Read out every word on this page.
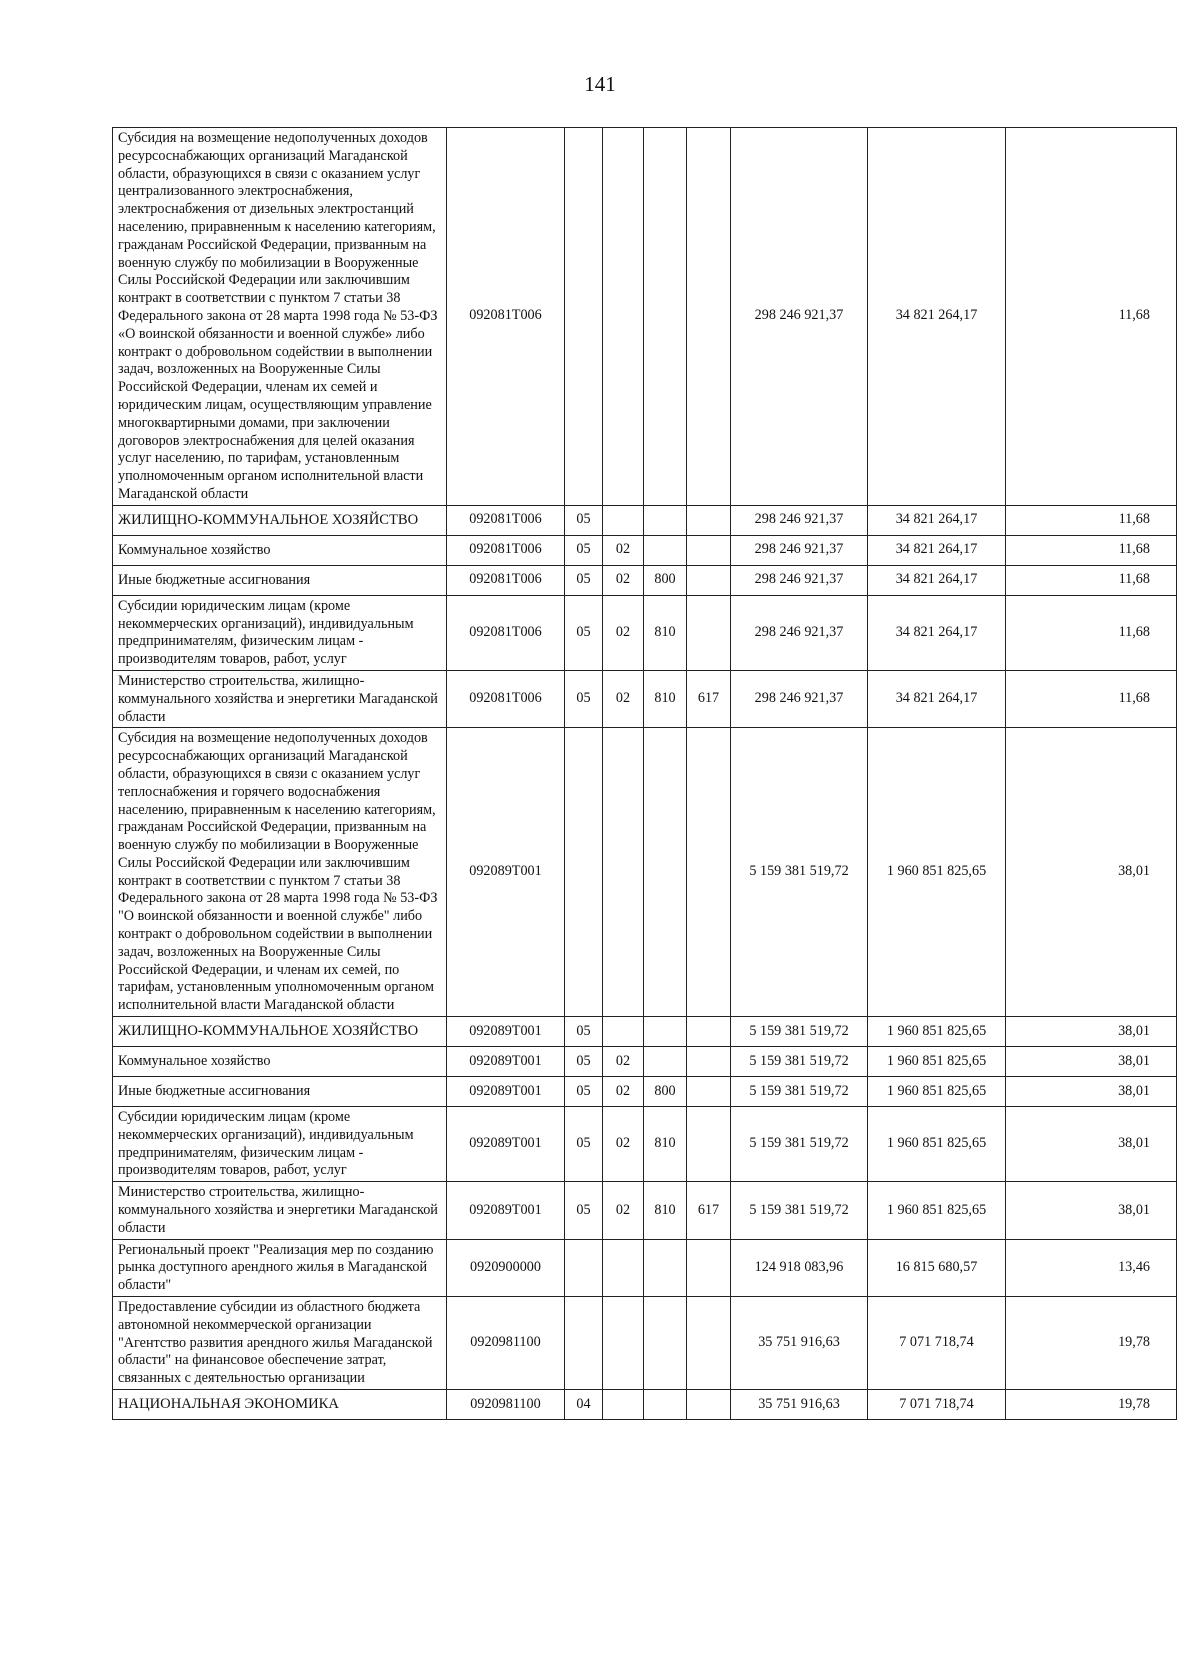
141
Субсидия на возмещение недополученных доходов ресурсоснабжающих организаций Магаданской области, образующихся в связи с оказанием услуг централизованного электроснабжения, электроснабжения от дизельных электростанций населению, приравненным к населению категориям, гражданам Российской Федерации, призванным на военную службу по мобилизации в Вооруженные Силы Российской Федерации или заключившим контракт в соответствии с пунктом 7 статьи 38 Федерального закона от 28 марта 1998 года № 53-ФЗ «О воинской обязанности и военной службе» либо контракт о добровольном содействии в выполнении задач, возложенных на Вооруженные Силы Российской Федерации, членам их семей и юридическим лицам, осуществляющим управление многоквартирными домами, при заключении договоров электроснабжения для целей оказания услуг населению, по тарифам, установленным уполномоченным органом исполнительной власти Магаданской области	092081Т006					298 246 921,37	34 821 264,17	11,68
ЖИЛИЩНО-КОММУНАЛЬНОЕ ХОЗЯЙСТВО	092081Т006	05				298 246 921,37	34 821 264,17	11,68
Коммунальное хозяйство	092081Т006	05	02			298 246 921,37	34 821 264,17	11,68
Иные бюджетные ассигнования	092081Т006	05	02	800		298 246 921,37	34 821 264,17	11,68
Субсидии юридическим лицам (кроме некоммерческих организаций), индивидуальным предпринимателям, физическим лицам - производителям товаров, работ, услуг	092081Т006	05	02	810		298 246 921,37	34 821 264,17	11,68
Министерство строительства, жилищно-коммунального хозяйства и энергетики Магаданской области	092081Т006	05	02	810	617	298 246 921,37	34 821 264,17	11,68
Субсидия на возмещение недополученных доходов ресурсоснабжающих организаций Магаданской области, образующихся в связи с оказанием услуг теплоснабжения и горячего водоснабжения населению, приравненным к населению категориям, гражданам Российской Федерации, призванным на военную службу по мобилизации в Вооруженные Силы Российской Федерации или заключившим контракт в соответствии с пунктом 7 статьи 38 Федерального закона от 28 марта 1998 года № 53-ФЗ "О воинской обязанности и военной службе" либо контракт о добровольном содействии в выполнении задач, возложенных на Вооруженные Силы Российской Федерации, и членам их семей, по тарифам, установленным уполномоченным органом исполнительной власти Магаданской области	092089Т001					5 159 381 519,72	1 960 851 825,65	38,01
ЖИЛИЩНО-КОММУНАЛЬНОЕ ХОЗЯЙСТВО	092089Т001	05				5 159 381 519,72	1 960 851 825,65	38,01
Коммунальное хозяйство	092089Т001	05	02			5 159 381 519,72	1 960 851 825,65	38,01
Иные бюджетные ассигнования	092089Т001	05	02	800		5 159 381 519,72	1 960 851 825,65	38,01
Субсидии юридическим лицам (кроме некоммерческих организаций), индивидуальным предпринимателям, физическим лицам - производителям товаров, работ, услуг	092089Т001	05	02	810		5 159 381 519,72	1 960 851 825,65	38,01
Министерство строительства, жилищно-коммунального хозяйства и энергетики Магаданской области	092089Т001	05	02	810	617	5 159 381 519,72	1 960 851 825,65	38,01
Региональный проект "Реализация мер по созданию рынка доступного арендного жилья в Магаданской области"	0920900000					124 918 083,96	16 815 680,57	13,46
Предоставление субсидии из областного бюджета автономной некоммерческой организации "Агентство развития арендного жилья Магаданской области" на финансовое обеспечение затрат, связанных с деятельностью организации	0920981100					35 751 916,63	7 071 718,74	19,78
НАЦИОНАЛЬНАЯ ЭКОНОМИКА	0920981100	04				35 751 916,63	7 071 718,74	19,78
